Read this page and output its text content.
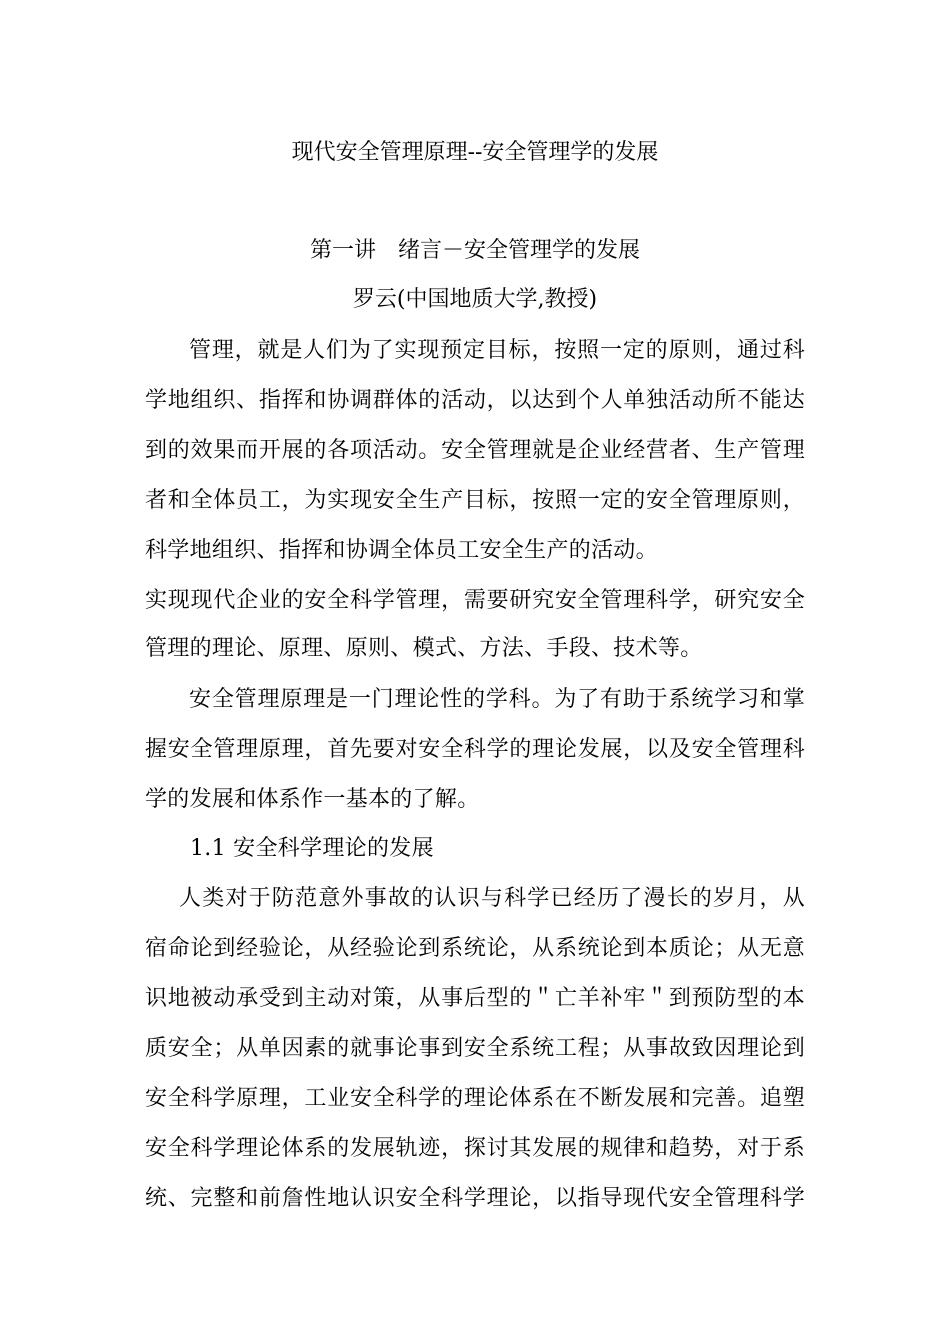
现代安全管理原理--安全管理学的发展
第一讲　绪言－安全管理学的发展
罗云(中国地质大学,教授)
管理，就是人们为了实现预定目标，按照一定的原则，通过科
学地组织、指挥和协调群体的活动，以达到个人单独活动所不能达
到的效果而开展的各项活动。安全管理就是企业经营者、生产管理
者和全体员工，为实现安全生产目标，按照一定的安全管理原则，
科学地组织、指挥和协调全体员工安全生产的活动。
实现现代企业的安全科学管理，需要研究安全管理科学，研究安全
管理的理论、原理、原则、模式、方法、手段、技术等。
安全管理原理是一门理论性的学科。为了有助于系统学习和掌
握安全管理原理，首先要对安全科学的理论发展，以及安全管理科
学的发展和体系作一基本的了解。
1.1 安全科学理论的发展
人类对于防范意外事故的认识与科学已经历了漫长的岁月，从
宿命论到经验论，从经验论到系统论，从系统论到本质论；从无意
识地被动承受到主动对策，从事后型的＂亡羊补牢＂到预防型的本
质安全；从单因素的就事论事到安全系统工程；从事故致因理论到
安全科学原理，工业安全科学的理论体系在不断发展和完善。追塑
安全科学理论体系的发展轨迹，探讨其发展的规律和趋势，对于系
统、完整和前詹性地认识安全科学理论，以指导现代安全管理科学
